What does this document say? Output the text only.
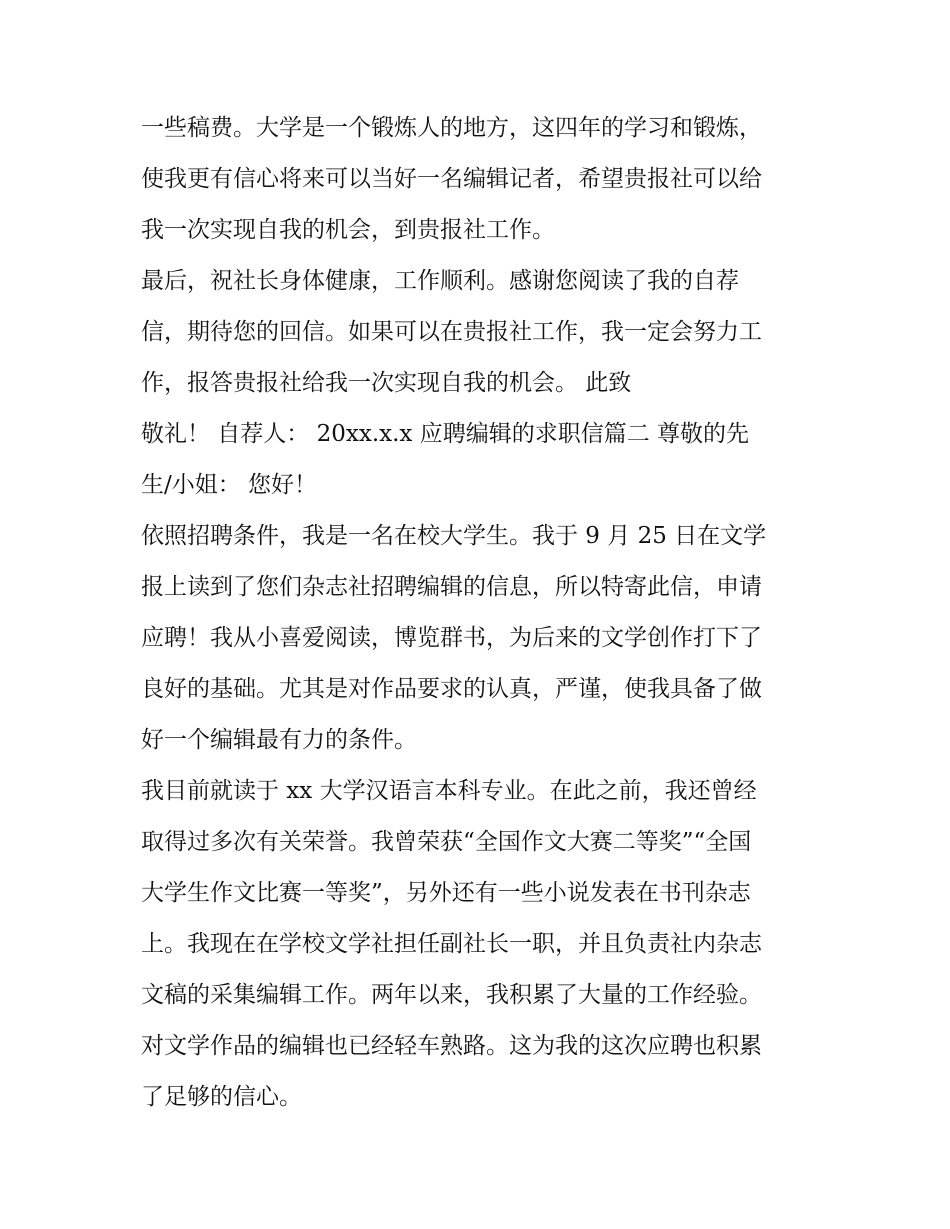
一些稿费。大学是一个锻炼人的地方，这四年的学习和锻炼，
使我更有信心将来可以当好一名编辑记者，希望贵报社可以给
我一次实现自我的机会，到贵报社工作。
最后，祝社长身体健康，工作顺利。感谢您阅读了我的自荐
信，期待您的回信。如果可以在贵报社工作，我一定会努力工
作，报答贵报社给我一次实现自我的机会。 此致
敬礼！ 自荐人： 20xx.x.x 应聘编辑的求职信篇二 尊敬的先
生/小姐： 您好！
依照招聘条件，我是一名在校大学生。我于 9 月 25 日在文学
报上读到了您们杂志社招聘编辑的信息，所以特寄此信，申请
应聘！我从小喜爱阅读，博览群书，为后来的文学创作打下了
良好的基础。尤其是对作品要求的认真，严谨，使我具备了做
好一个编辑最有力的条件。
我目前就读于 xx 大学汉语言本科专业。在此之前，我还曾经
取得过多次有关荣誉。我曾荣获“全国作文大赛二等奖”“全国
大学生作文比赛一等奖”，另外还有一些小说发表在书刊杂志
上。我现在在学校文学社担任副社长一职，并且负责社内杂志
文稿的采集编辑工作。两年以来，我积累了大量的工作经验。
对文学作品的编辑也已经轻车熟路。这为我的这次应聘也积累
了足够的信心。
